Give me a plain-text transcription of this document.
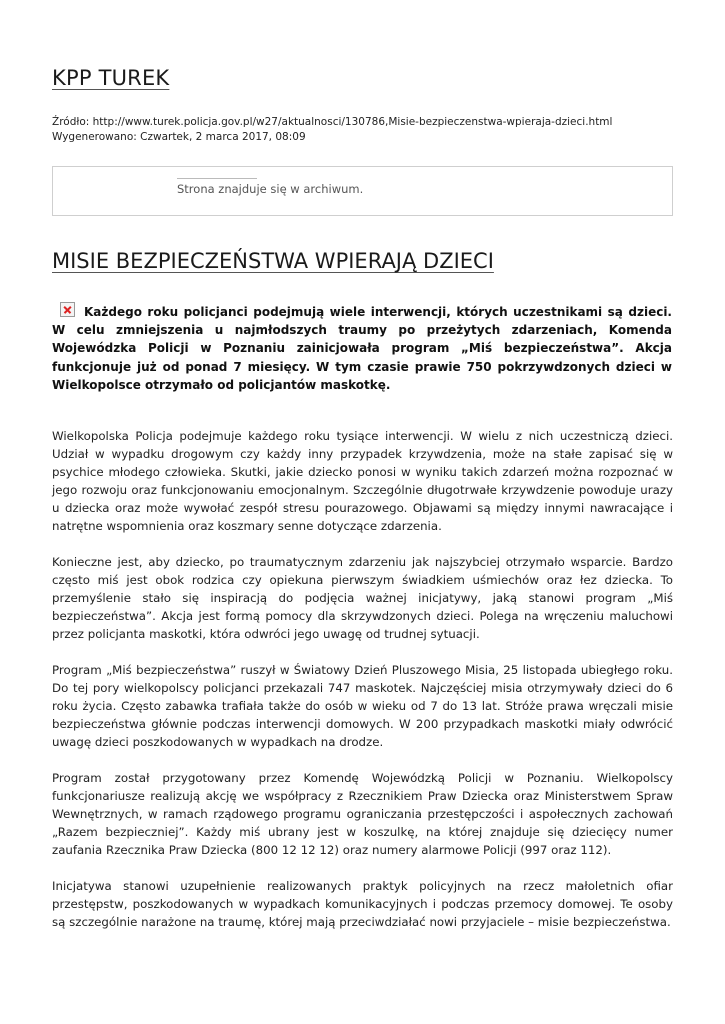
KPP TUREK
Źródło: http://www.turek.policja.gov.pl/w27/aktualnosci/130786,Misie-bezpieczenstwa-wpieraja-dzieci.html
Wygenerowano: Czwartek, 2 marca 2017, 08:09
Strona znajduje się w archiwum.
MISIE BEZPIECZEŃSTWA WPIERAJĄ DZIECI

Każdego roku policjanci podejmują wiele interwencji, których uczestnikami są dzieci. W celu zmniejszenia u najmłodszych traumy po przeżytych zdarzeniach, Komenda Wojewódzka Policji w Poznaniu zainicjowała program „Miś bezpieczeństwa”. Akcja funkcjonuje już od ponad 7 miesięcy. W tym czasie prawie 750 pokrzywdzonych dzieci w Wielkopolsce otrzymało od policjantów maskotkę.

Wielkopolska Policja podejmuje każdego roku tysiące interwencji. W wielu z nich uczestniczą dzieci. Udział w wypadku drogowym czy każdy inny przypadek krzywdzenia, może na stałe zapisać się w psychice młodego człowieka. Skutki, jakie dziecko ponosi w wyniku takich zdarzeń można rozpoznać w jego rozwoju oraz funkcjonowaniu emocjonalnym. Szczególnie długotrwałe krzywdzenie powoduje urazy u dziecka oraz może wywołać zespół stresu pourazowego. Objawami są między innymi nawracające i natrętne wspomnienia oraz koszmary senne dotyczące zdarzenia.

Konieczne jest, aby dziecko, po traumatycznym zdarzeniu jak najszybciej otrzymało wsparcie. Bardzo często miś jest obok rodzica czy opiekuna pierwszym świadkiem uśmiechów oraz łez dziecka. To przemyślenie stało się inspiracją do podjęcia ważnej inicjatywy, jaką stanowi program „Miś bezpieczeństwa”. Akcja jest formą pomocy dla skrzywdzonych dzieci. Polega na wręczeniu maluchowi przez policjanta maskotki, która odwróci jego uwagę od trudnej sytuacji.

Program „Miś bezpieczeństwa” ruszył w Światowy Dzień Pluszowego Misia, 25 listopada ubiegłego roku. Do tej pory wielkopolscy policjanci przekazali 747 maskotek. Najczęściej misia otrzymywały dzieci do 6 roku życia. Często zabawka trafiała także do osób w wieku od 7 do 13 lat. Stróże prawa wręczali misie bezpieczeństwa głównie podczas interwencji domowych. W 200 przypadkach maskotki miały odwrócić uwagę dzieci poszkodowanych w wypadkach na drodze.

Program został przygotowany przez Komendę Wojewódzką Policji w Poznaniu. Wielkopolscy funkcjonariusze realizują akcję we współpracy z Rzecznikiem Praw Dziecka oraz Ministerstwem Spraw Wewnętrznych, w ramach rządowego programu ograniczania przestępczości i aspołecznych zachowań „Razem bezpieczniej”. Każdy miś ubrany jest w koszulkę, na której znajduje się dziecięcy numer zaufania Rzecznika Praw Dziecka (800 12 12 12) oraz numery alarmowe Policji (997 oraz 112).

Inicjatywa stanowi uzupełnienie realizowanych praktyk policyjnych na rzecz małoletnich ofiar przestępstw, poszkodowanych w wypadkach komunikacyjnych i podczas przemocy domowej. Te osoby są szczególnie narażone na traumę, której mają przeciwdziałać nowi przyjaciele – misie bezpieczeństwa.
